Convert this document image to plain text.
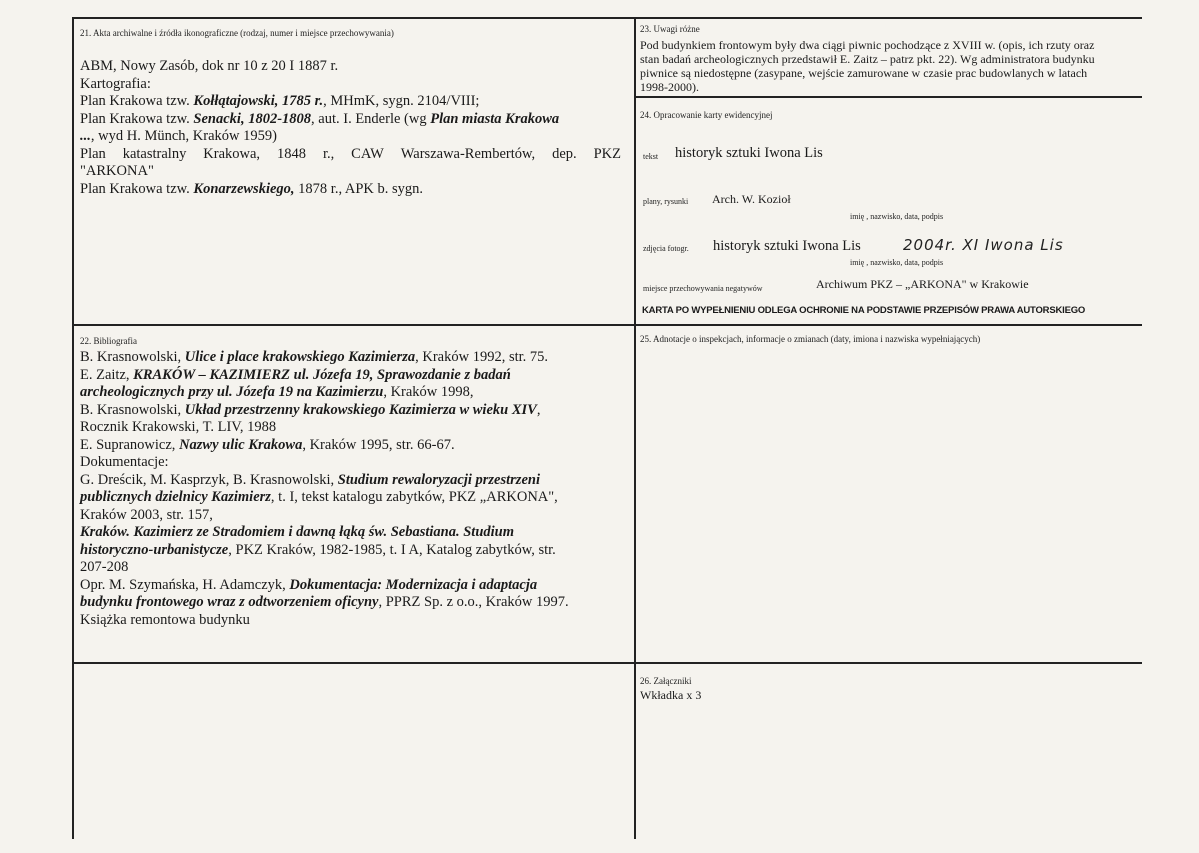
21. Akta archiwalne i źródła ikonograficzne (rodzaj, numer i miejsce przechowywania)
ABM, Nowy Zasób, dok nr 10 z 20 I 1887 r.
Kartografia:
Plan Krakowa tzw. Kołłątajowski, 1785 r., MHmK, sygn. 2104/VIII;
Plan Krakowa tzw. Senacki, 1802-1808, aut. I. Enderle (wg Plan miasta Krakowa
..., wyd H. Münch, Kraków 1959)
Plan katastralny Krakowa, 1848 r., CAW Warszawa-Rembertów, dep. PKZ
"ARKONA"
Plan Krakowa tzw. Konarzewskiego, 1878 r., APK b. sygn.
22. Bibliografia
B. Krasnowolski, Ulice i place krakowskiego Kazimierza, Kraków 1992, str. 75.
E. Zaitz, KRAKÓW – KAZIMIERZ ul. Józefa 19, Sprawozdanie z badań
archeologicznych przy ul. Józefa 19 na Kazimierzu, Kraków 1998,
B. Krasnowolski, Układ przestrzenny krakowskiego Kazimierza w wieku XIV,
Rocznik Krakowski, T. LIV, 1988
E. Supranowicz, Nazwy ulic Krakowa, Kraków 1995, str. 66-67.
Dokumentacje:
G. Dreścik, M. Kasprzyk, B. Krasnowolski, Studium rewaloryzacji przestrzeni
publicznych dzielnicy Kazimierz, t. I, tekst katalogu zabytków, PKZ „ARKONA",
Kraków 2003, str. 157,
Kraków. Kazimierz ze Stradomiem i dawną łąką św. Sebastiana. Studium
historyczno-urbanistycze, PKZ Kraków, 1982-1985, t. I A, Katalog zabytków, str.
207-208
Opr. M. Szymańska, H. Adamczyk, Dokumentacja: Modernizacja i adaptacja
budynku frontowego wraz z odtworzeniem oficyny, PPRZ Sp. z o.o., Kraków 1997.
Książka remontowa budynku
23. Uwagi różne
Pod budynkiem frontowym były dwa ciągi piwnic pochodzące z XVIII w. (opis, ich rzuty oraz
stan badań archeologicznych przedstawił E. Zaitz – patrz pkt. 22). Wg administratora budynku
piwnice są niedostępne (zasypane, wejście zamurowane w czasie prac budowlanych w latach
1998-2000).
24. Opracowanie karty ewidencyjnej
tekst historyk sztuki Iwona Lis
plany, rysunki Arch. W. Kozioł
imię , nazwisko, data, podpis
zdjęcia fotogr. historyk sztuki Iwona Lis	2004r. XI Iwona Lis
imię , nazwisko, data, podpis
miejsce przechowywania negatywów	Archiwum PKZ – „ARKONA" w Krakowie
KARTA PO WYPEŁNIENIU ODLEGA OCHRONIE NA PODSTAWIE PRZEPISÓW PRAWA AUTORSKIEGO
25. Adnotacje o inspekcjach, informacje o zmianach (daty, imiona i nazwiska wypełniających)
26. Załączniki
Wkładka x 3
